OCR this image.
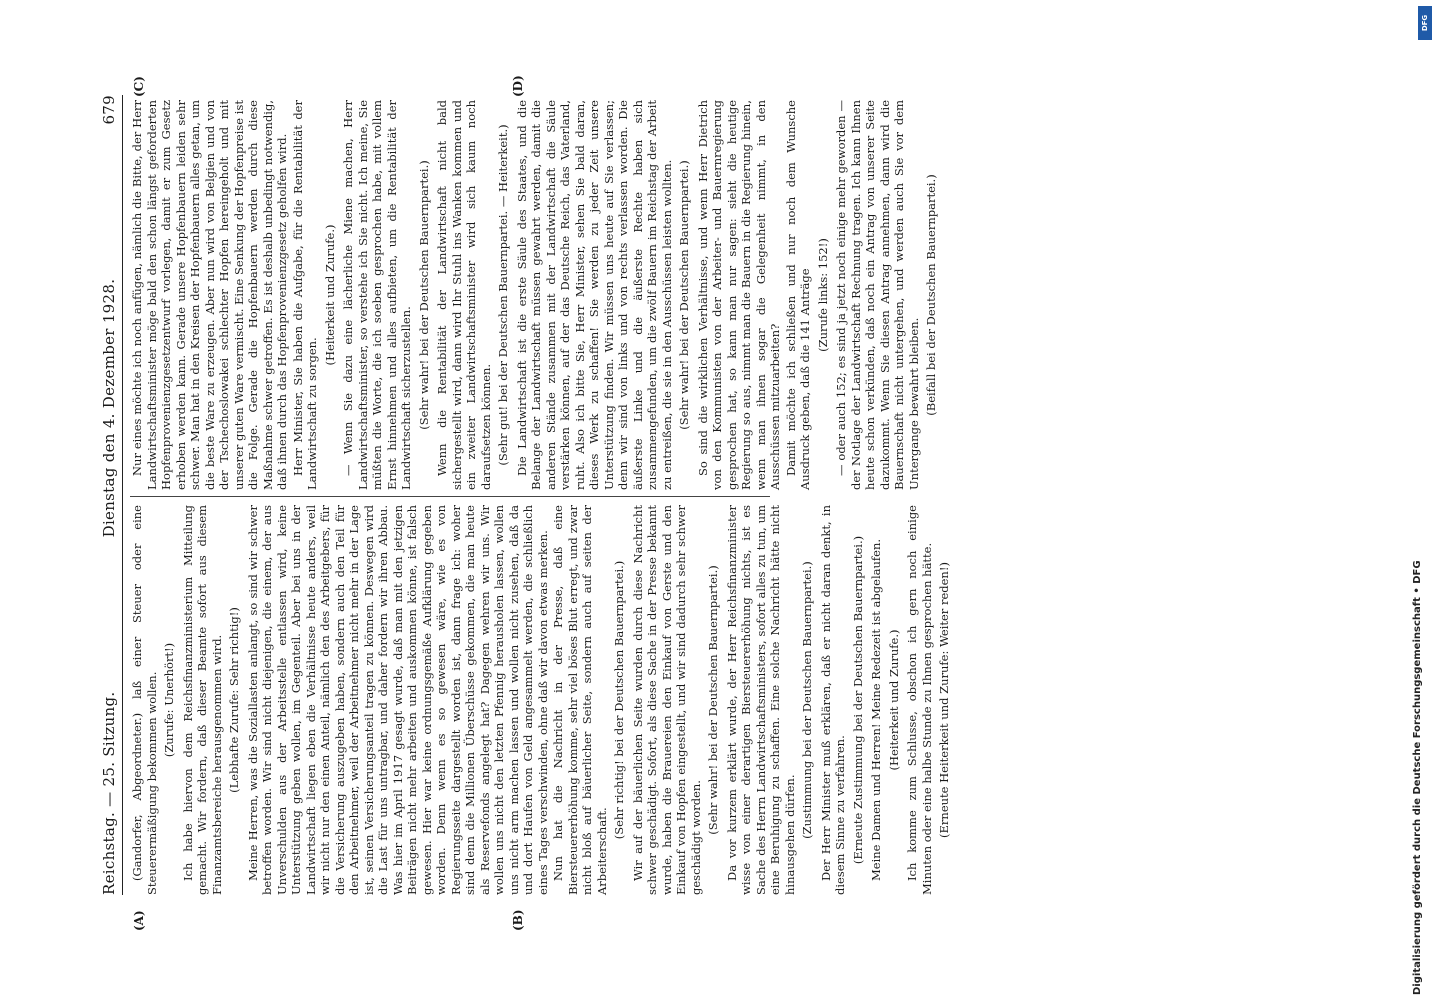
Reichstag. — 25. Sitzung.
Dienstag den 4. Dezember 1928.
679
(A)	(B)
(C)	(D)

(Gandorfer, Abgeordneter.) laß einer Steuer oder eine Steuerermäßigung bekommen wollen. (Zurufe: Unerhört!) Ich habe hiervon dem Reichsfinanzministerium Mitteilung gemacht. Wir fordern, daß dieser Beamte sofort aus diesem Finanzamtsbereiche herausgenommen wird. (Lebhafte Zurufe: Sehr richtig!) Meine Herren, was die Soziallasten anlangt, so sind wir schwer betroffen worden. Wir sind nicht diejenigen, die einem, der aus Unverschulden aus der Arbeitsstelle entlassen wird, keine Unterstützung geben wollen, im Gegenteil. Aber bei uns in der Landwirtschaft liegen eben die Verhältnisse heute anders, weil wir nicht nur den einen Anteil, nämlich den des Arbeitgebers, für die Versicherung auszugeben haben, sondern auch den Teil für den Arbeitnehmer, weil der Arbeitnehmer nicht mehr in der Lage ist, seinen Versicherungsanteil tragen zu können. Deswegen wird die Last für uns untragbar, und daher fordern wir ihren Abbau. Was hier im April 1917 gesagt wurde, daß man mit den jetzigen Beiträgen nicht mehr arbeiten und auskommen könne, ist falsch gewesen. Hier war keine ordnungsgemäße Aufklärung gegeben worden. Denn wenn es so gewesen wäre, wie es von Regierungsseite dargestellt worden ist, dann frage ich: woher sind denn die Millionen Überschüsse gekommen, die man heute als Reservefonds angelegt hat? Dagegen wehren wir uns. Wir wollen uns nicht den letzten Pfennig herausholen lassen, wollen uns nicht arm machen lassen und wollen nicht zusehen, daß da und dort Haufen von Geld angesammelt werden, die schließlich eines Tages verschwinden, ohne daß wir davon etwas merken. Nun hat die Nachricht in der Presse, daß eine Biersteuererhöhung komme, sehr viel böses Blut erregt, und zwar nicht bloß auf bäuerlicher Seite, sondern auch auf seiten der Arbeiterschaft.

(Sehr richtig! bei der Deutschen Bauernpartei.) Wir auf der bäuerlichen Seite wurden durch diese Nachricht schwer geschädigt. Sofort, als diese Sache in der Presse bekannt wurde, haben die Brauereien den Einkauf von Gerste und den Einkauf von Hopfen eingestellt, und wir sind dadurch sehr schwer geschädigt worden.

(Sehr wahr! bei der Deutschen Bauernpartei.) Da vor kurzem erklärt wurde, der Herr Reichsfinanzminister wisse von einer derartigen Biersteuererhöhung nichts, ist es Sache des Herrn Landwirtschaftsministers, sofort alles zu tun, um eine Beruhigung zu schaffen. Eine solche Nachricht hätte nicht hinausgehen dürfen. (Zustimmung bei der Deutschen Bauernpartei.) Der Herr Minister muß erklären, daß er nicht daran denkt, in diesem Sinne zu verfahren. (Erneute Zustimmung bei der Deutschen Bauernpartei.) Meine Damen und Herren! Meine Redezeit ist abgelaufen. (Heiterkeit und Zurufe.) Ich komme zum Schlusse, obschon ich gern noch einige Minuten oder eine halbe Stunde zu Ihnen gesprochen hätte. (Erneute Heiterkeit und Zurufe: Weiter reden!)

Nur eines möchte ich noch anfügen, nämlich die Bitte, der Herr Landwirtschaftsminister möge bald den schon längst geforderten Hopfenprovenienzgesetzentwurf vorlegen, damit er zum Gesetz erhoben werden kann. Gerade unsere Hopfenbauern leiden sehr schwer. Man hat in den Kreisen der Hopfenbauern alles getan, um die beste Ware zu erzeugen. Aber nun wird von Belgien und von der Tschechoslowakei schlechter Hopfen hereingeholt und mit unserer guten Ware vermischt. Eine Senkung der Hopfenpreise ist die Folge. Gerade die Hopfenbauern werden durch diese Maßnahme schwer getroffen. Es ist deshalb unbedingt notwendig, daß ihnen durch das Hopfenprovenienzgesetz geholfen wird. Herr Minister, Sie haben die Aufgabe, für die Rentabilität der Landwirtschaft zu sorgen.

(Heiterkeit und Zurufe.) — Wenn Sie dazu eine lächerliche Miene machen, Herr Landwirtschaftsminister, so verstehe ich Sie nicht. Ich meine, Sie müßten die Worte, die ich soeben gesprochen habe, mit vollem Ernst hinnehmen und alles aufbieten, um die Rentabilität der Landwirtschaft sicherzustellen. (Sehr wahr! bei der Deutschen Bauernpartei.) Wenn die Rentabilität der Landwirtschaft nicht bald sichergestellt wird, dann wird Ihr Stuhl ins Wanken kommen und ein zweiter Landwirtschaftsminister wird sich kaum noch daraufsetzen können. (Sehr gut! bei der Deutschen Bauernpartei. — Heiterkeit.) Die Landwirtschaft ist die erste Säule des Staates, und die Belange der Landwirtschaft müssen gewahrt werden, damit die anderen Stände zusammen mit der Landwirtschaft die Säule verstärken können, auf der das Deutsche Reich, das Vaterland, ruht. Also ich bitte Sie, Herr Minister, sehen Sie bald daran, dieses Werk zu schaffen! Sie werden zu jeder Zeit unsere Unterstützung finden. Wir müssen uns heute auf Sie verlassen; denn wir sind von links und von rechts verlassen worden. Die äußerste Linke und die äußerste Rechte haben sich zusammengefunden, um die zwölf Bauern im Reichstag der Arbeit zu entreißen, die sie in den Ausschüssen leisten wollten. (Sehr wahr! bei der Deutschen Bauernpartei.) So sind die wirklichen Verhältnisse, und wenn Herr Dietrich von den Kommunisten von der Arbeiter- und Bauernregierung gesprochen hat, so kann man nur sagen: sieht die heutige Regierung so aus, nimmt man die Bauern in die Regierung hinein, wenn man ihnen sogar die Gelegenheit nimmt, in den Ausschüssen mitzuarbeiten? Damit möchte ich schließen und nur noch dem Wunsche Ausdruck geben, daß die 141 Anträge (Zurufe links: 152!) — oder auch 152; es sind ja jetzt noch einige mehr geworden — der Notlage der Landwirtschaft Rechnung tragen. Ich kann Ihnen heute schon verkünden, daß noch ein Antrag von unserer Seite dazukommt. Wenn Sie diesen Antrag annehmen, dann wird die Bauernschaft nicht untergehen, und werden auch Sie vor dem Untergange bewahrt bleiben. (Beifall bei der Deutschen Bauernpartei.)

Digitalisierung gefördert durch die Deutsche Forschungsgemeinschaft • DFG
DFG
